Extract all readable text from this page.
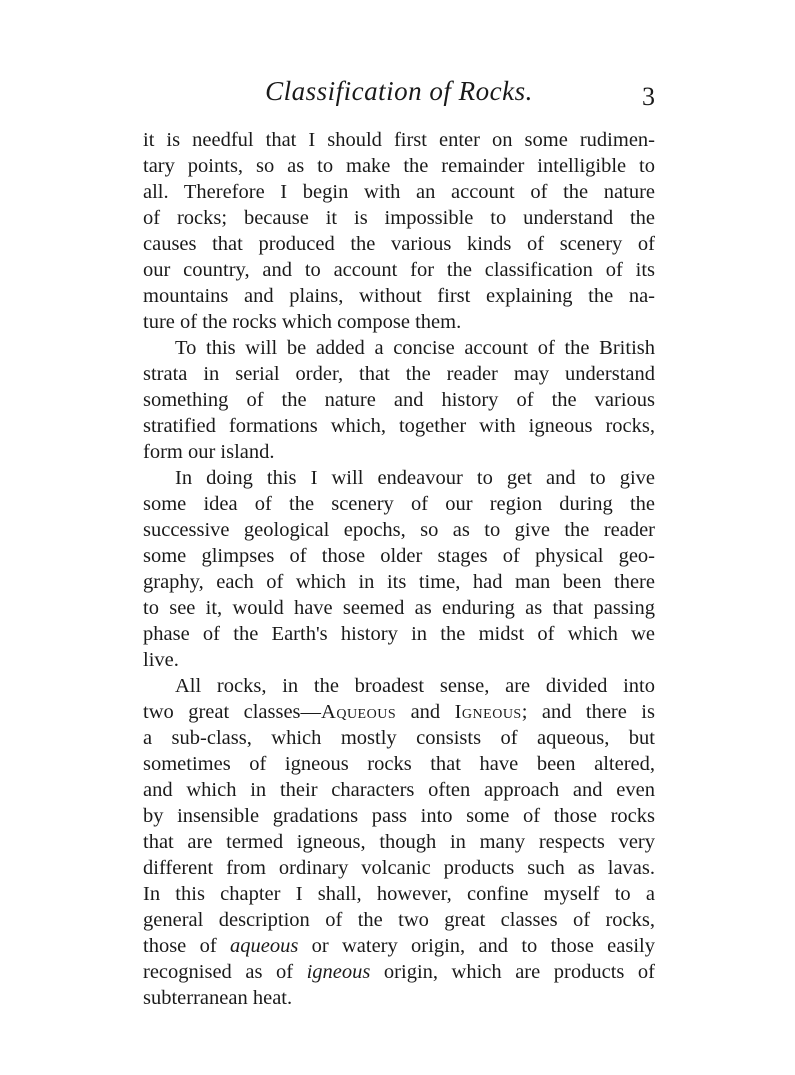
Classification of Rocks.	3

it is needful that I should first enter on some rudimen-
tary points, so as to make the remainder intelligible to
all. Therefore I begin with an account of the nature
of rocks; because it is impossible to understand the
causes that produced the various kinds of scenery of
our country, and to account for the classification of its
mountains and plains, without first explaining the na-
ture of the rocks which compose them.

To this will be added a concise account of the British
strata in serial order, that the reader may understand
something of the nature and history of the various
stratified formations which, together with igneous rocks,
form our island.

In doing this I will endeavour to get and to give
some idea of the scenery of our region during the
successive geological epochs, so as to give the reader
some glimpses of those older stages of physical geo-
graphy, each of which in its time, had man been there
to see it, would have seemed as enduring as that passing
phase of the Earth's history in the midst of which we
live.

All rocks, in the broadest sense, are divided into
two great classes—Aqueous and Igneous; and there is
a sub-class, which mostly consists of aqueous, but
sometimes of igneous rocks that have been altered,
and which in their characters often approach and even
by insensible gradations pass into some of those rocks
that are termed igneous, though in many respects very
different from ordinary volcanic products such as lavas.
In this chapter I shall, however, confine myself to a
general description of the two great classes of rocks,
those of aqueous or watery origin, and to those easily
recognised as of igneous origin, which are products of
subterranean heat.
